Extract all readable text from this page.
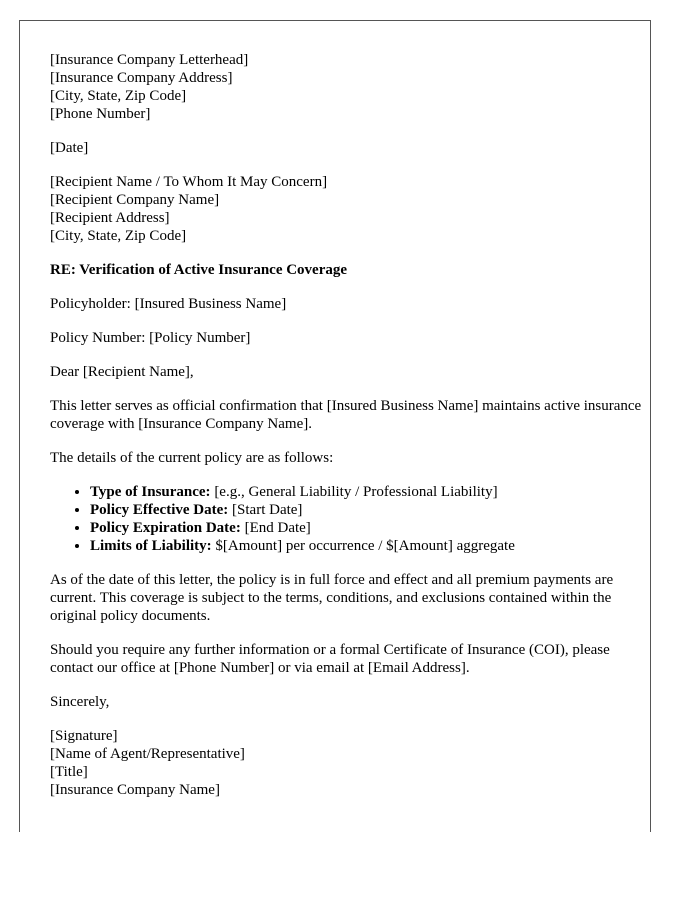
[Insurance Company Letterhead]
[Insurance Company Address]
[City, State, Zip Code]
[Phone Number]

[Date]

[Recipient Name / To Whom It May Concern]
[Recipient Company Name]
[Recipient Address]
[City, State, Zip Code]

RE: Verification of Active Insurance Coverage

Policyholder: [Insured Business Name]

Policy Number: [Policy Number]

Dear [Recipient Name],

This letter serves as official confirmation that [Insured Business Name] maintains active insurance coverage with [Insurance Company Name].

The details of the current policy are as follows:

• Type of Insurance: [e.g., General Liability / Professional Liability]
• Policy Effective Date: [Start Date]
• Policy Expiration Date: [End Date]
• Limits of Liability: $[Amount] per occurrence / $[Amount] aggregate

As of the date of this letter, the policy is in full force and effect and all premium payments are current. This coverage is subject to the terms, conditions, and exclusions contained within the original policy documents.

Should you require any further information or a formal Certificate of Insurance (COI), please contact our office at [Phone Number] or via email at [Email Address].

Sincerely,

[Signature]
[Name of Agent/Representative]
[Title]
[Insurance Company Name]
